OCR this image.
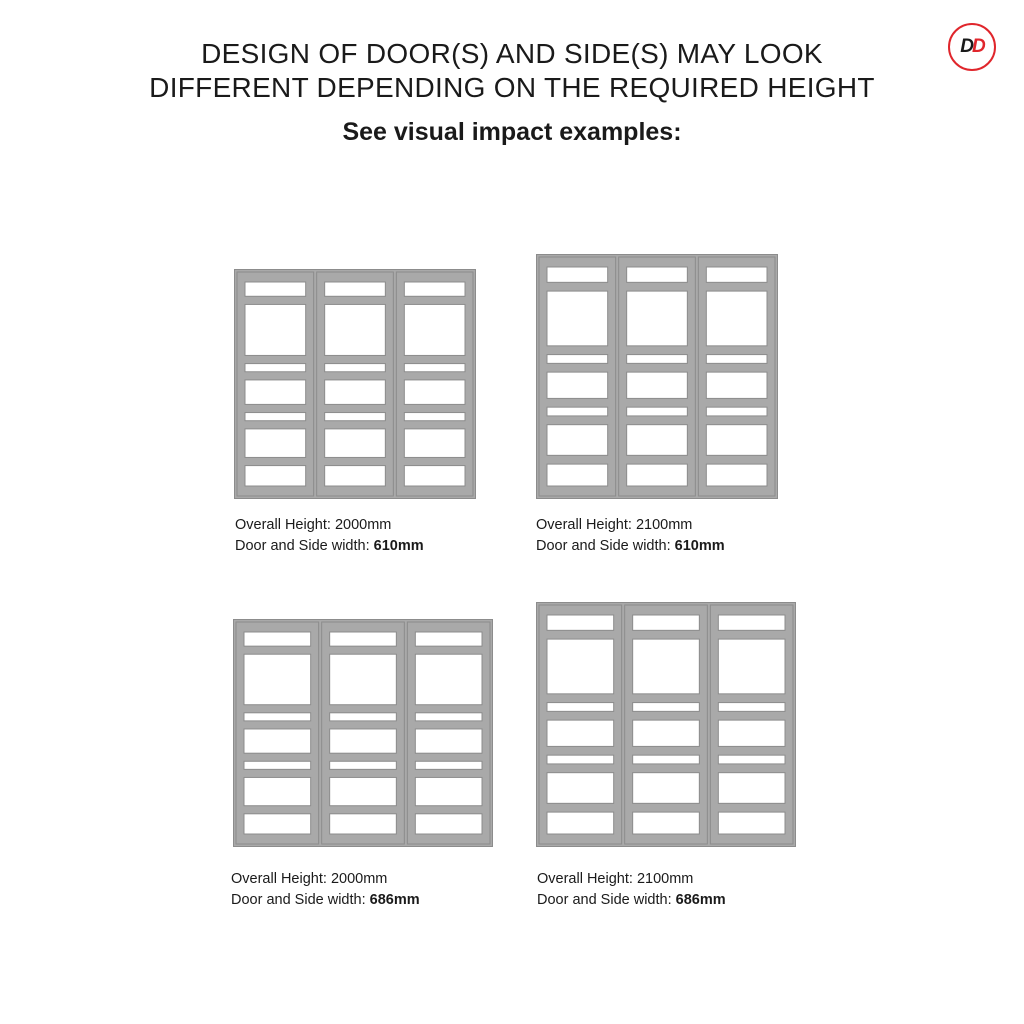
DESIGN OF DOOR(S) AND SIDE(S) MAY LOOK
DIFFERENT DEPENDING ON THE REQUIRED HEIGHT
See visual impact examples:
DD
Overall Height: 2000mm
Door and Side width: 610mm
Overall Height: 2100mm
Door and Side width: 610mm
Overall Height: 2000mm
Door and Side width: 686mm
Overall Height: 2100mm
Door and Side width: 686mm
